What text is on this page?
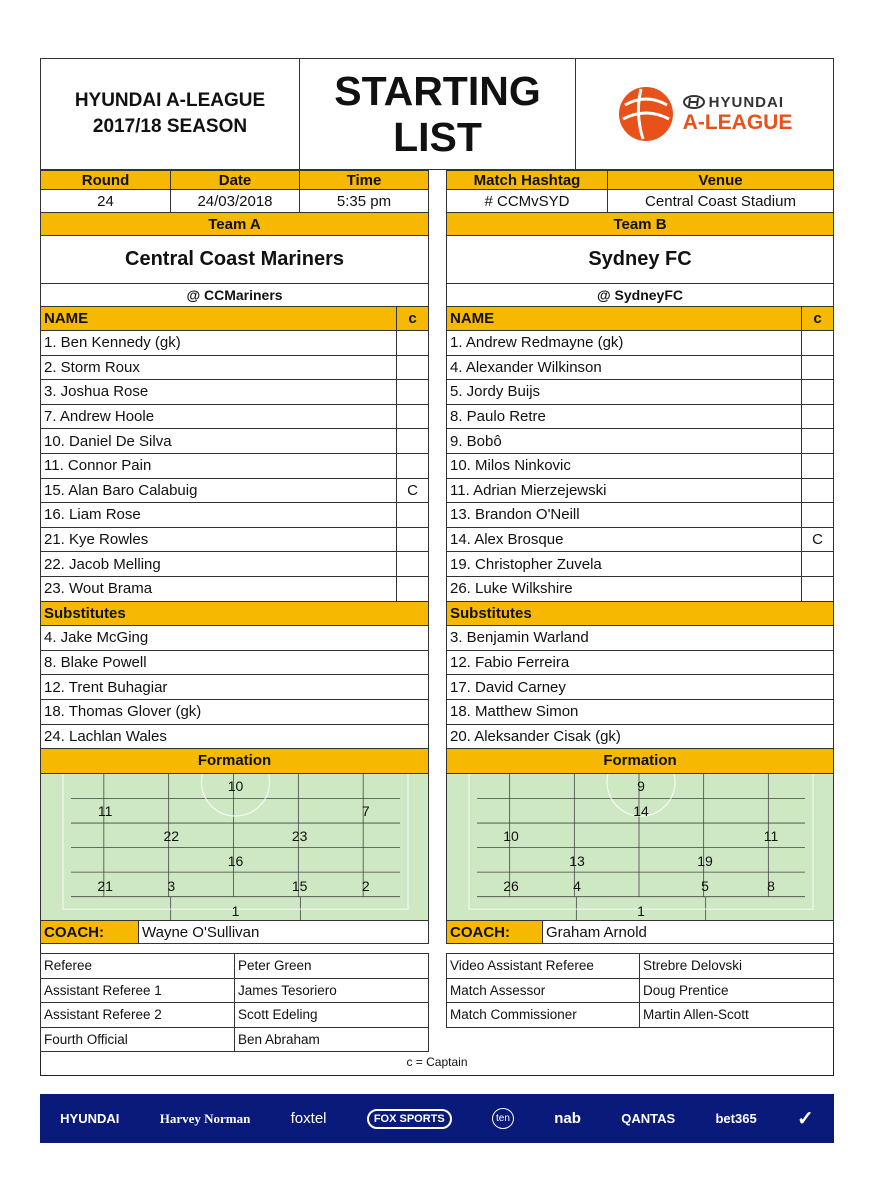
HYUNDAI A-LEAGUE
2017/18 SEASON
STARTING
LIST
HYUNDAI
A-LEAGUE
Round	Date	Time
24	24/03/2018	5:35 pm
Match Hashtag	Venue
# CCMvSYD	Central Coast Stadium
Team A
Central Coast Mariners
@ CCMariners
Team B
Sydney FC
@ SydneyFC
NAME	c	NAME	c
1. Ben Kennedy (gk)
2. Storm Roux
3. Joshua Rose
7. Andrew Hoole
10. Daniel De Silva
11. Connor Pain
15. Alan Baro Calabuig	C
16. Liam Rose
21. Kye Rowles
22. Jacob Melling
23. Wout Brama
Substitutes
4. Jake McGing
8. Blake Powell
12. Trent Buhagiar
18. Thomas Glover (gk)
24. Lachlan Wales
Formation
10
11	7
22	23
16
21	3	15	2
1
1. Andrew Redmayne (gk)
4. Alexander Wilkinson
5. Jordy Buijs
8. Paulo Retre
9. Bobô
10. Milos Ninkovic
11. Adrian Mierzejewski
13. Brandon O'Neill
14. Alex Brosque	C
19. Christopher Zuvela
26. Luke Wilkshire
Substitutes
3. Benjamin Warland
12. Fabio Ferreira
17. David Carney
18. Matthew Simon
20. Aleksander Cisak (gk)
Formation
9
14
10	11
13	19
26	4	5	8
1
COACH:	Wayne O'Sullivan	COACH:	Graham Arnold
Referee	Peter Green
Assistant Referee 1	James Tesoriero
Assistant Referee 2	Scott Edeling
Fourth Official	Ben Abraham
Video Assistant Referee	Strebre Delovski
Match Assessor	Doug Prentice
Match Commissioner	Martin Allen-Scott
c = Captain
HYUNDAI	Harvey Norman	foxtel	FOX SPORTS	ten	nab	QANTAS	bet365 ✓
